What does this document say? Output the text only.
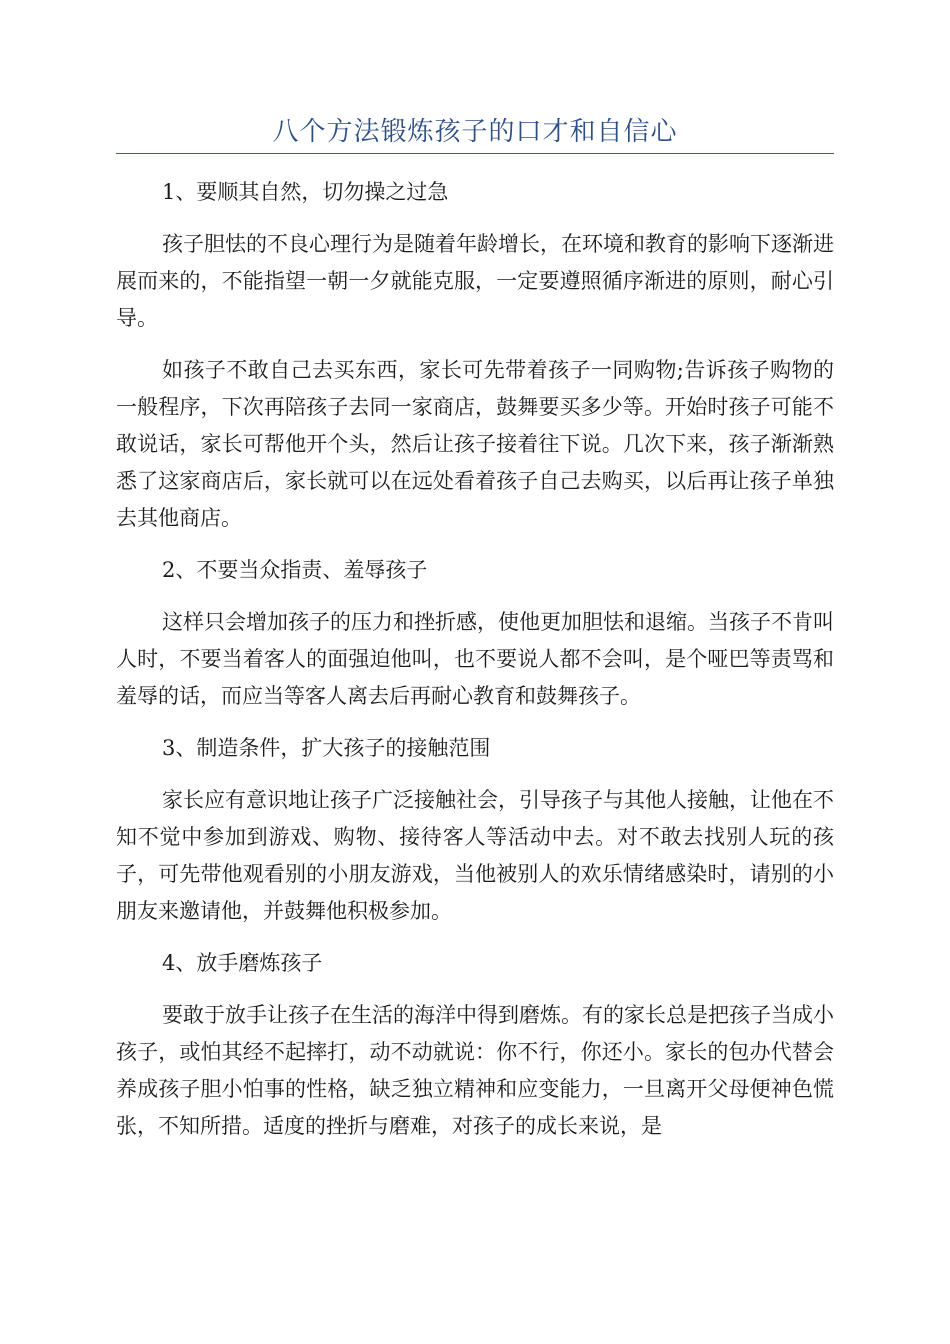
八个方法锻炼孩子的口才和自信心

1、要顺其自然，切勿操之过急

孩子胆怯的不良心理行为是随着年龄增长，在环境和教育的影响下逐渐进展而来的，不能指望一朝一夕就能克服，一定要遵照循序渐进的原则，耐心引导。

如孩子不敢自己去买东西，家长可先带着孩子一同购物;告诉孩子购物的一般程序，下次再陪孩子去同一家商店，鼓舞要买多少等。开始时孩子可能不敢说话，家长可帮他开个头，然后让孩子接着往下说。几次下来，孩子渐渐熟悉了这家商店后，家长就可以在远处看着孩子自己去购买，以后再让孩子单独去其他商店。

2、不要当众指责、羞辱孩子

这样只会增加孩子的压力和挫折感，使他更加胆怯和退缩。当孩子不肯叫人时，不要当着客人的面强迫他叫，也不要说人都不会叫，是个哑巴等责骂和羞辱的话，而应当等客人离去后再耐心教育和鼓舞孩子。

3、制造条件，扩大孩子的接触范围

家长应有意识地让孩子广泛接触社会，引导孩子与其他人接触，让他在不知不觉中参加到游戏、购物、接待客人等活动中去。对不敢去找别人玩的孩子，可先带他观看别的小朋友游戏，当他被别人的欢乐情绪感染时，请别的小朋友来邀请他，并鼓舞他积极参加。

4、放手磨炼孩子

要敢于放手让孩子在生活的海洋中得到磨炼。有的家长总是把孩子当成小孩子，或怕其经不起摔打，动不动就说：你不行，你还小。家长的包办代替会养成孩子胆小怕事的性格，缺乏独立精神和应变能力，一旦离开父母便神色慌张，不知所措。适度的挫折与磨难，对孩子的成长来说，是
